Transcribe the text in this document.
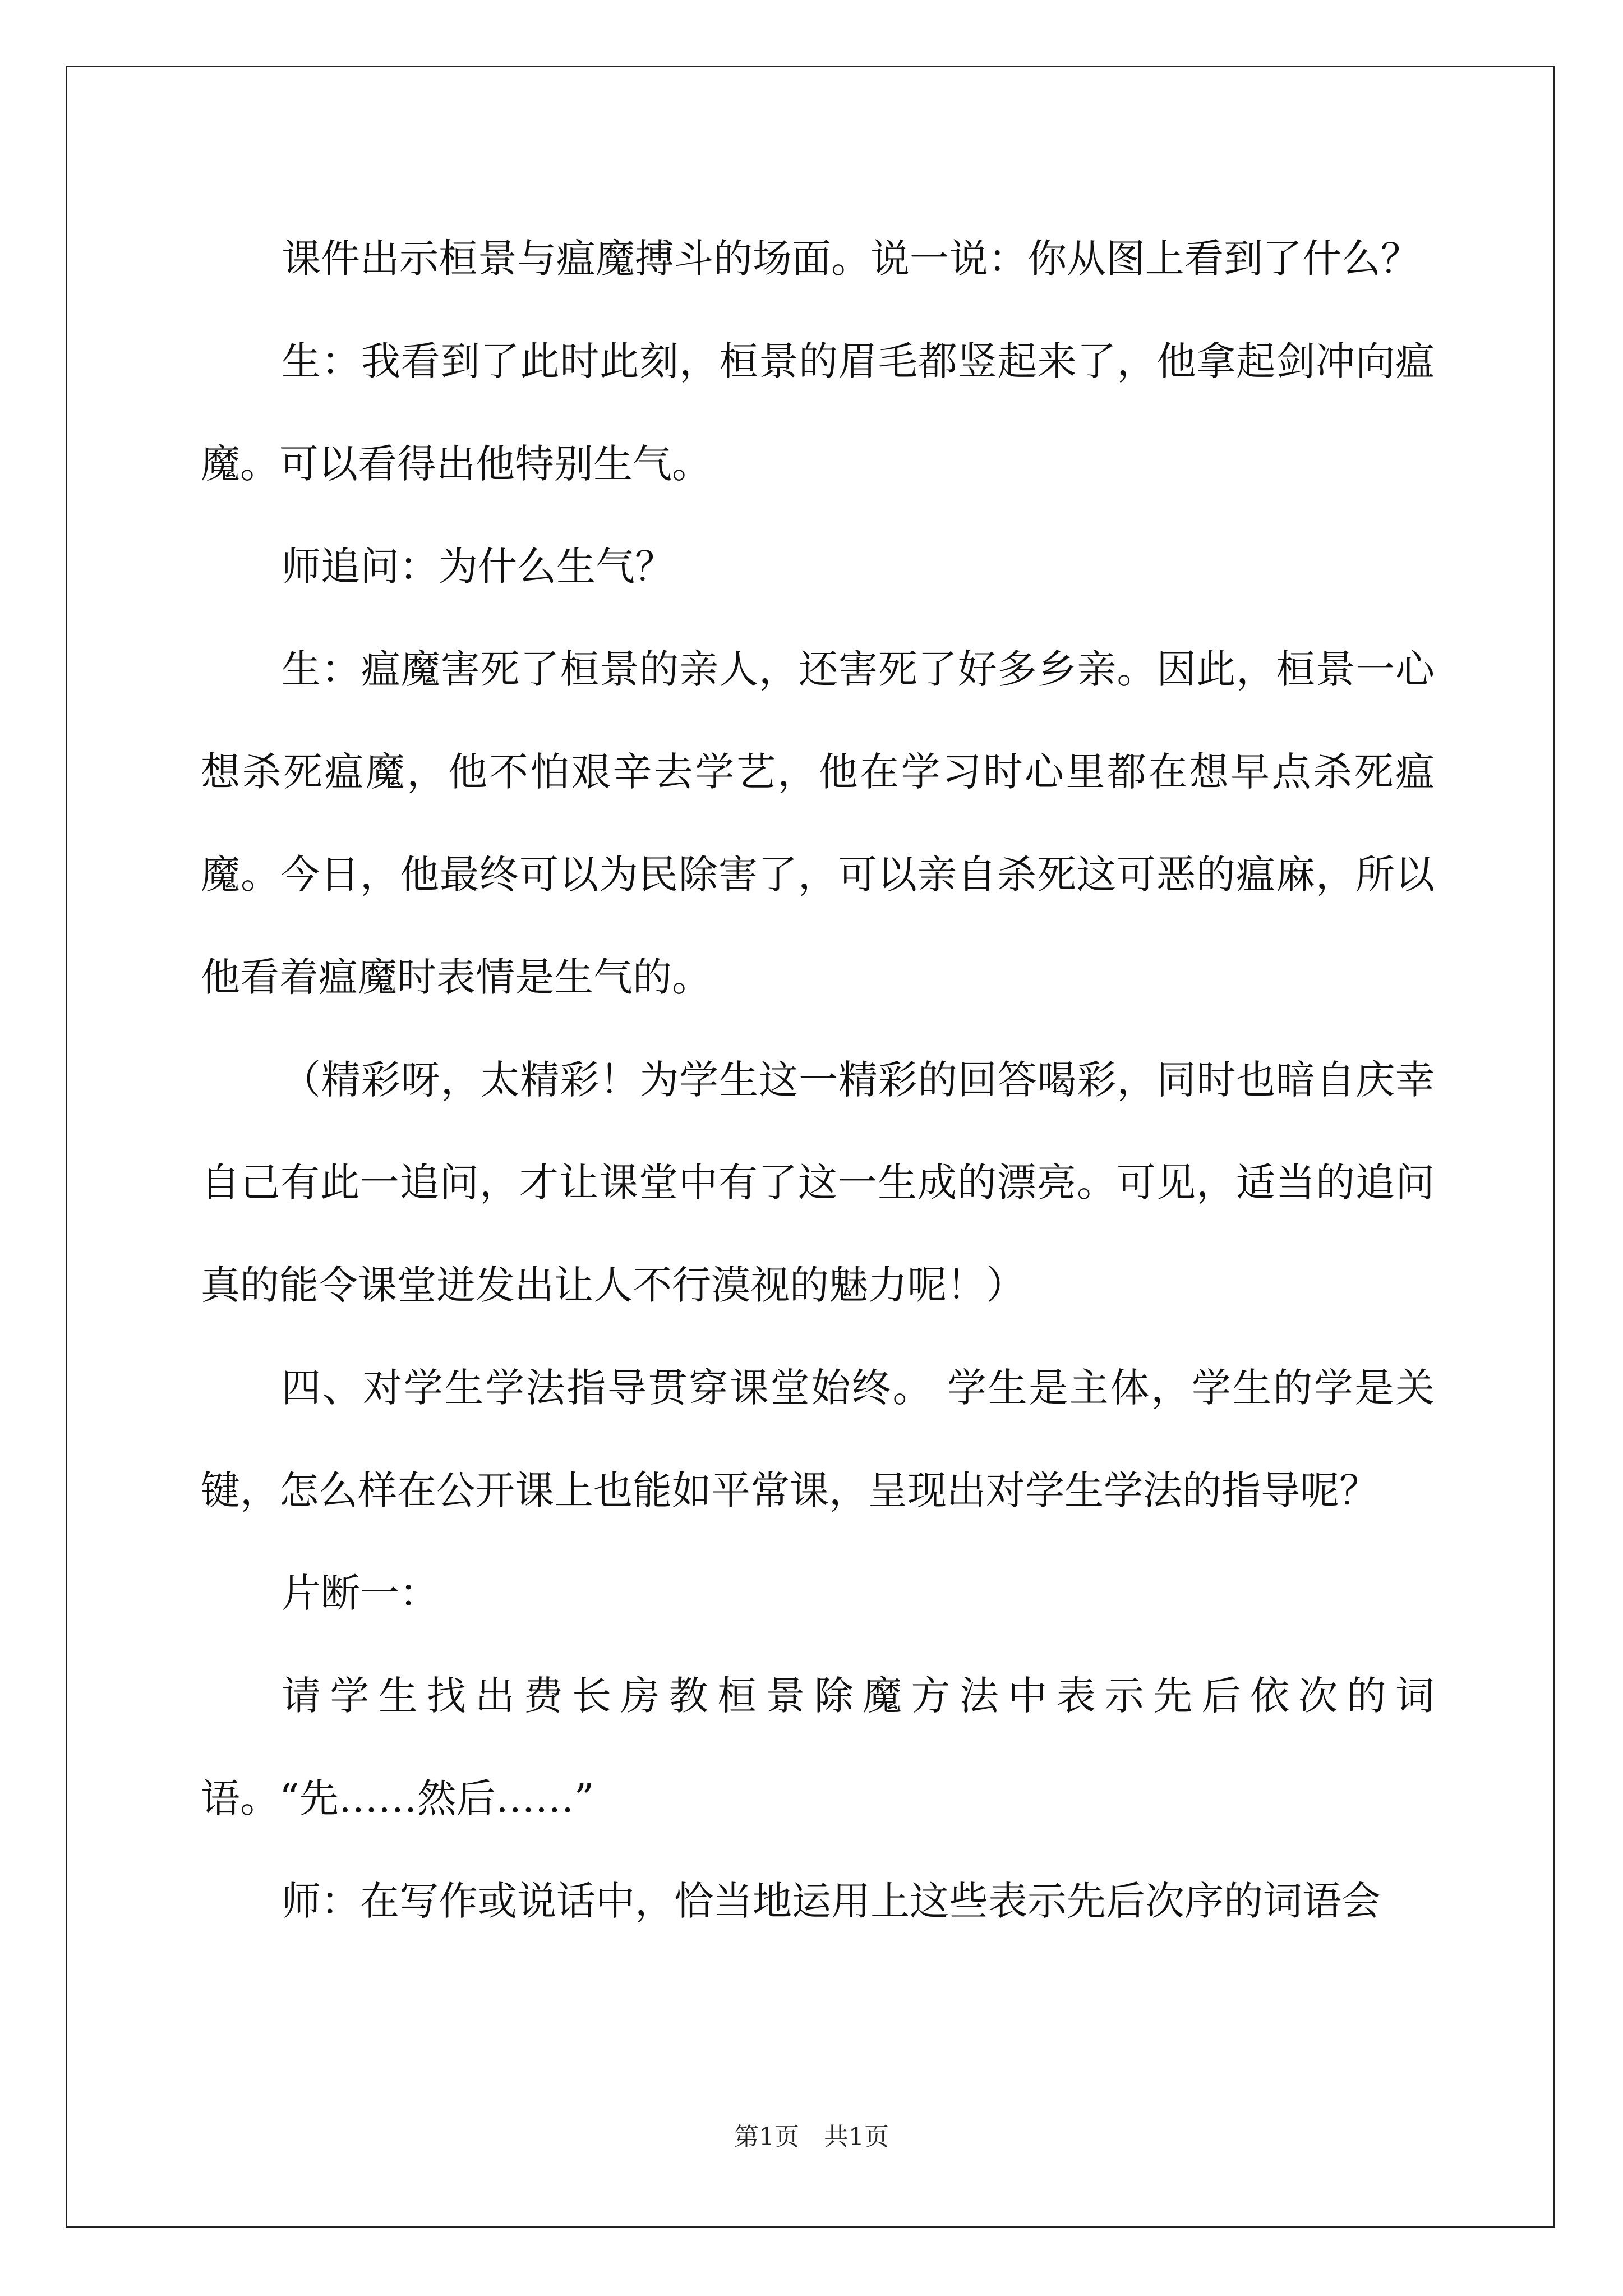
课件出示桓景与瘟魔搏斗的场面。说一说：你从图上看到了什么？

生：我看到了此时此刻，桓景的眉毛都竖起来了，他拿起剑冲向瘟魔。可以看得出他特别生气。

师追问：为什么生气？

生：瘟魔害死了桓景的亲人，还害死了好多乡亲。因此，桓景一心想杀死瘟魔，他不怕艰辛去学艺，他在学习时心里都在想早点杀死瘟魔。今日，他最终可以为民除害了，可以亲自杀死这可恶的瘟麻，所以他看着瘟魔时表情是生气的。

（精彩呀，太精彩！为学生这一精彩的回答喝彩，同时也暗自庆幸自己有此一追问，才让课堂中有了这一生成的漂亮。可见，适当的追问真的能令课堂迸发出让人不行漠视的魅力呢！）

四、对学生学法指导贯穿课堂始终。 学生是主体，学生的学是关键，怎么样在公开课上也能如平常课，呈现出对学生学法的指导呢？

片断一：

请学生找出费长房教桓景除魔方法中表示先后依次的词语。“先……然后……”

师：在写作或说话中，恰当地运用上这些表示先后次序的词语会

第1页　共1页
